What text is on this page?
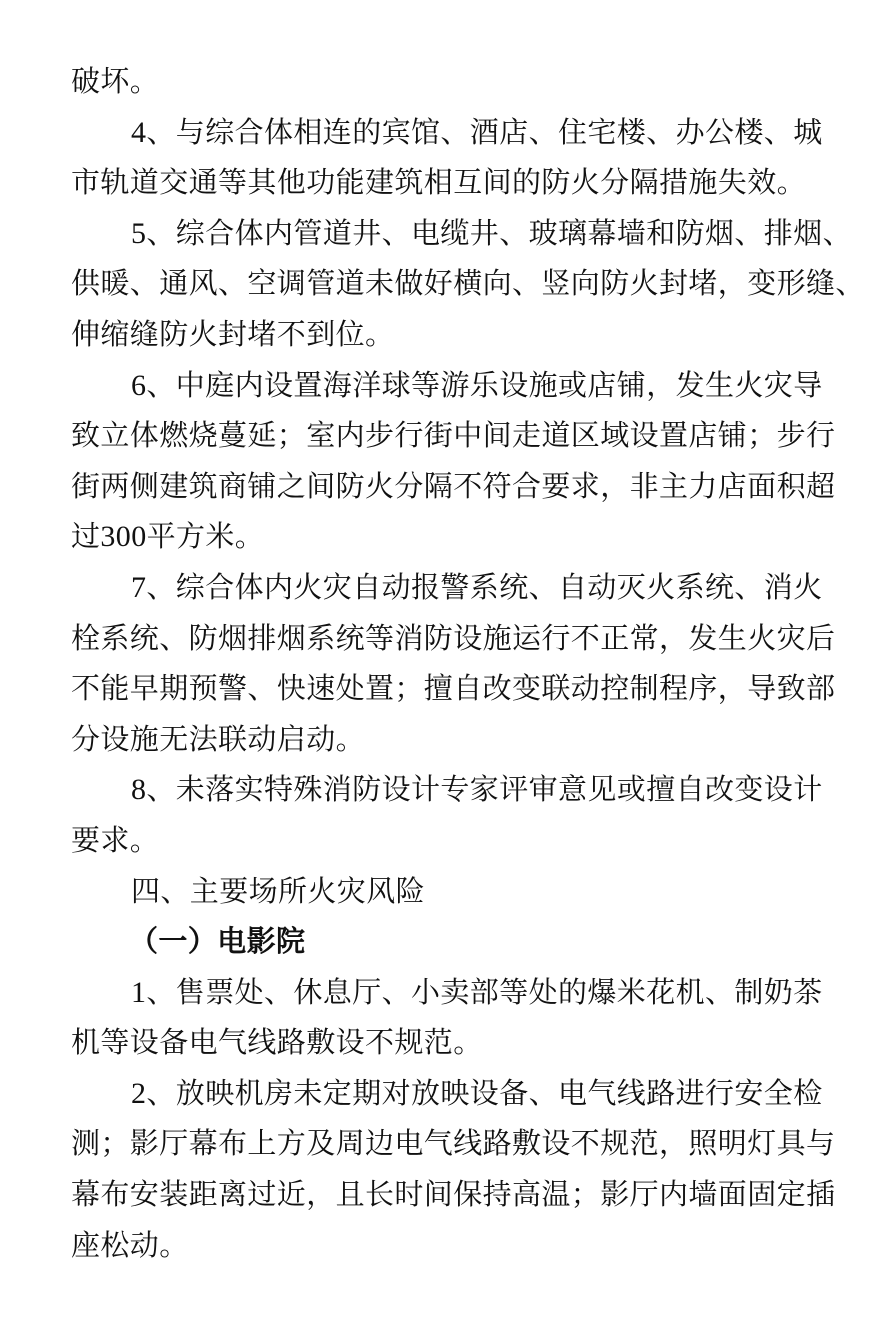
破坏。
4、与综合体相连的宾馆、酒店、住宅楼、办公楼、城
市轨道交通等其他功能建筑相互间的防火分隔措施失效。
5、综合体内管道井、电缆井、玻璃幕墙和防烟、排烟、
供暖、通风、空调管道未做好横向、竖向防火封堵，变形缝、
伸缩缝防火封堵不到位。
6、中庭内设置海洋球等游乐设施或店铺，发生火灾导
致立体燃烧蔓延；室内步行街中间走道区域设置店铺；步行
街两侧建筑商铺之间防火分隔不符合要求，非主力店面积超
过300平方米。
7、综合体内火灾自动报警系统、自动灭火系统、消火
栓系统、防烟排烟系统等消防设施运行不正常，发生火灾后
不能早期预警、快速处置；擅自改变联动控制程序，导致部
分设施无法联动启动。
8、未落实特殊消防设计专家评审意见或擅自改变设计
要求。
四、主要场所火灾风险
（一）电影院
1、售票处、休息厅、小卖部等处的爆米花机、制奶茶
机等设备电气线路敷设不规范。
2、放映机房未定期对放映设备、电气线路进行安全检
测；影厅幕布上方及周边电气线路敷设不规范，照明灯具与
幕布安装距离过近，且长时间保持高温；影厅内墙面固定插
座松动。
